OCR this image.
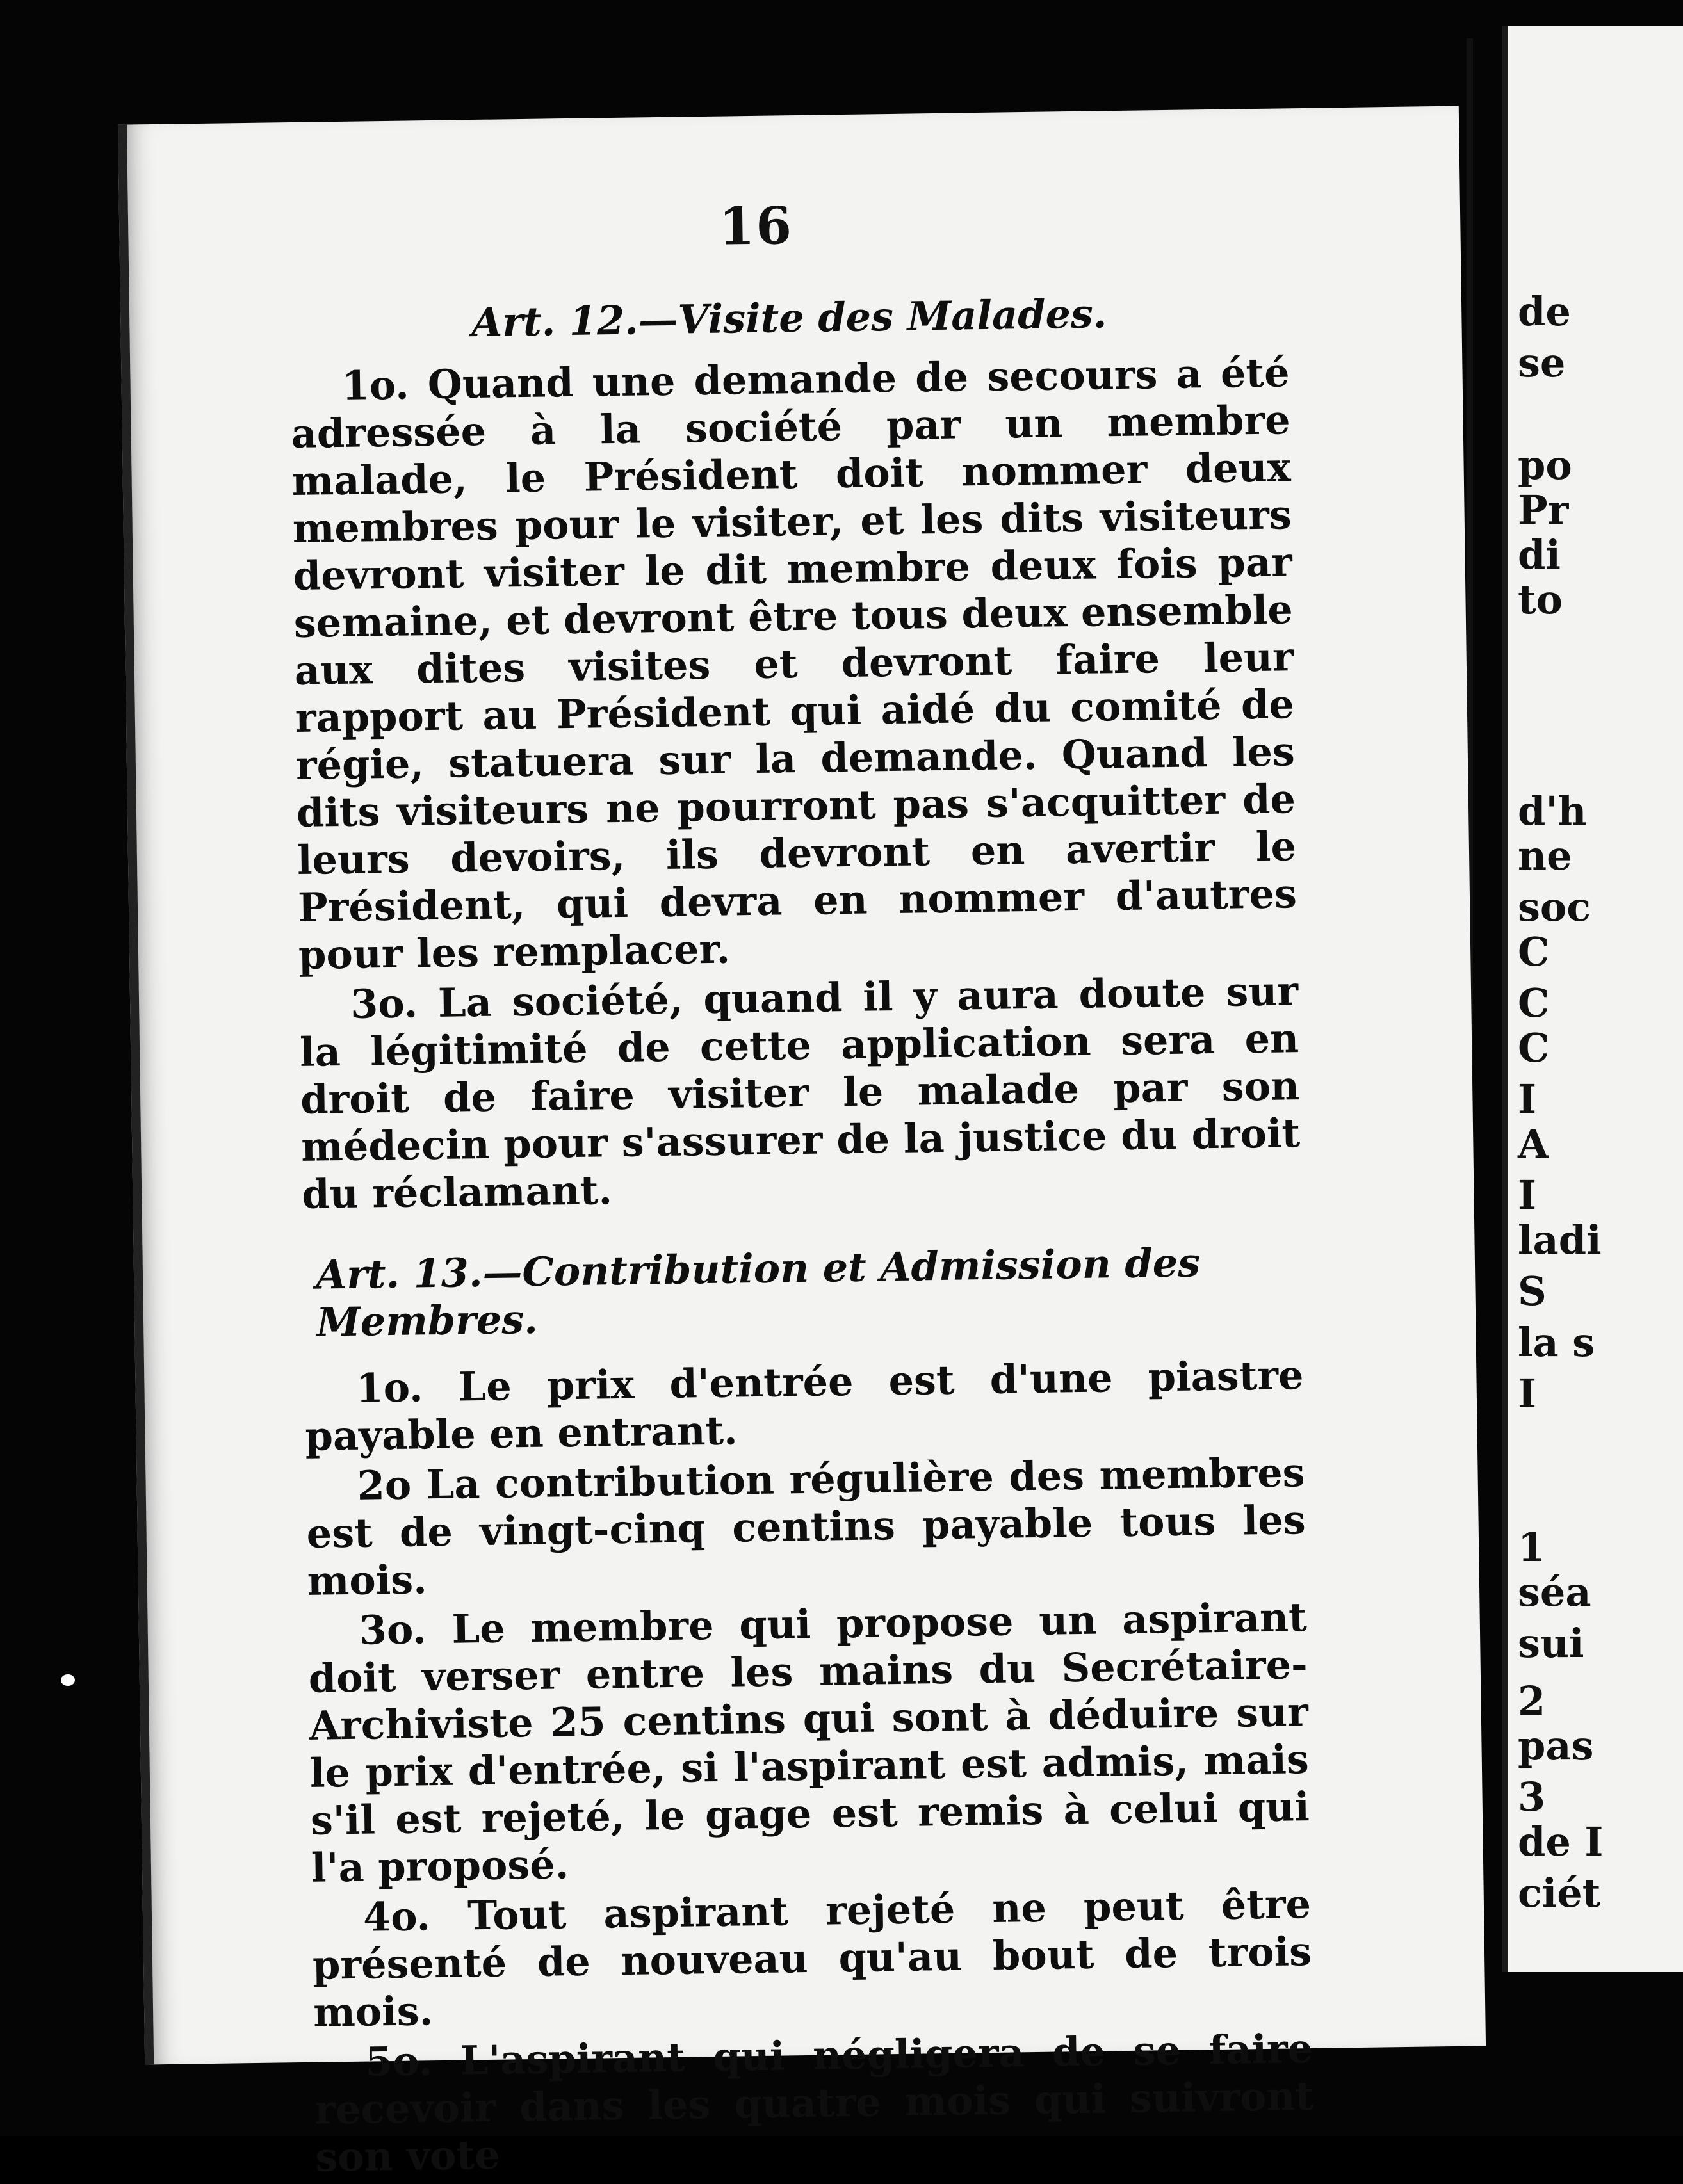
16
Art. 12.—Visite des Malades.

1o. Quand une demande de secours a été adressée à la société par un membre malade, le Président doit nommer deux membres pour le visiter, et les dits visiteurs devront visiter le dit membre deux fois par semaine, et devront être tous deux ensemble aux dites visites et devront faire leur rapport au Président qui aidé du comité de régie, statuera sur la demande. Quand les dits visiteurs ne pourront pas s'acquitter de leurs devoirs, ils devront en avertir le Président, qui devra en nommer d'autres pour les remplacer.

3o. La société, quand il y aura doute sur la légitimité de cette application sera en droit de faire visiter le malade par son médecin pour s'assurer de la justice du droit du réclamant.

Art. 13.—Contribution et Admission des Membres.

1o. Le prix d'entrée est d'une piastre payable en entrant.

2o La contribution régulière des membres est de vingt-cinq centins payable tous les mois.

3o. Le membre qui propose un aspirant doit verser entre les mains du Secrétaire-Archiviste 25 centins qui sont à déduire sur le prix d'entrée, si l'aspirant est admis, mais s'il est rejeté, le gage est remis à celui qui l'a proposé.

4o. Tout aspirant rejeté ne peut être présenté de nouveau qu'au bout de trois mois.

5o. L'aspirant qui négligera de se faire recevoir dans les quatre mois qui suivront son vote

de

se

po

Pr

di

to

d'h

ne

soc

C

C

C

I

A

I

ladi

S

la s

I

1

séa

sui

2

pas

3

de I

ciét
